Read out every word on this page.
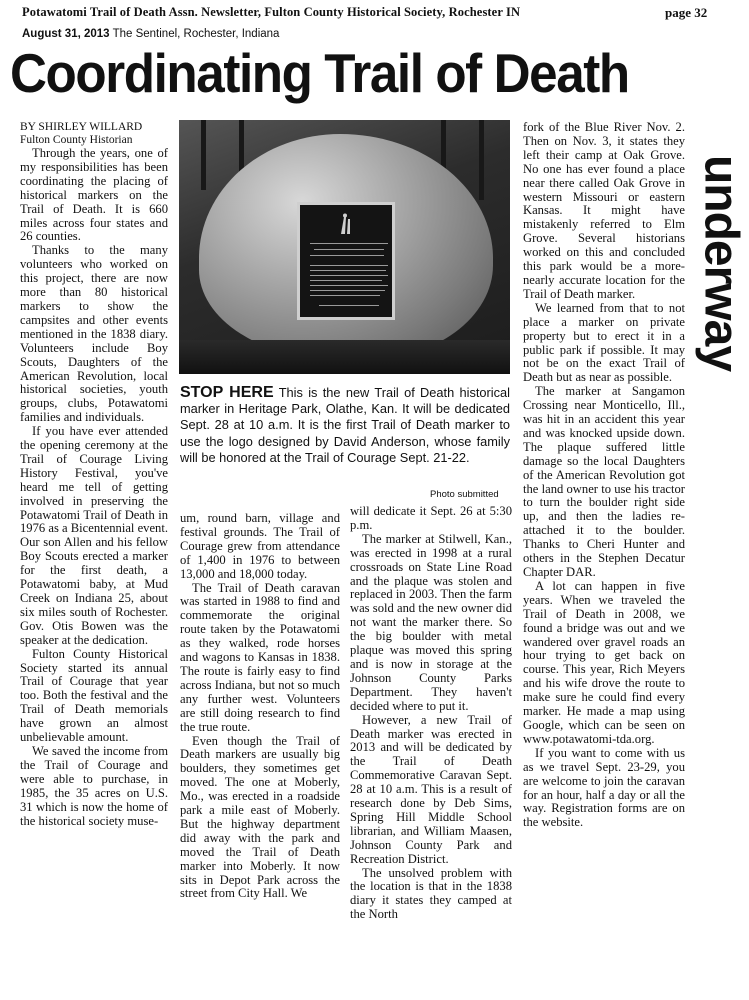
Potawatomi Trail of Death Assn. Newsletter, Fulton County Historical Society, Rochester IN	page 32
August 31, 2013 The Sentinel, Rochester, Indiana
Coordinating Trail of Death
underway

BY SHIRLEY WILLARD

Fulton County Historian

Through the years, one of my responsibilities has been coordinating the placing of historical markers on the Trail of Death. It is 660 miles across four states and 26 counties.

Thanks to the many volunteers who worked on this project, there are now more than 80 historical markers to show the campsites and other events mentioned in the 1838 diary. Volunteers include Boy Scouts, Daughters of the American Revolution, local historical societies, youth groups, clubs, Potawatomi families and individuals.

If you have ever attended the opening ceremony at the Trail of Courage Living History Festival, you've heard me tell of getting involved in preserving the Potawatomi Trail of Death in 1976 as a Bicentennial event. Our son Allen and his fellow Boy Scouts erected a marker for the first death, a Potawatomi baby, at Mud Creek on Indiana 25, about six miles south of Rochester. Gov. Otis Bowen was the speaker at the dedication.

Fulton County Historical Society started its annual Trail of Courage that year too. Both the festival and the Trail of Death memorials have grown an almost unbelievable amount.

We saved the income from the Trail of Courage and were able to purchase, in 1985, the 35 acres on U.S. 31 which is now the home of the historical society muse-

STOP HERE This is the new Trail of Death historical marker in Heritage Park, Olathe, Kan. It will be dedicated Sept. 28 at 10 a.m. It is the first Trail of Death marker to use the logo designed by David Anderson, whose family will be honored at the Trail of Courage Sept. 21-22.
Photo submitted

um, round barn, village and festival grounds. The Trail of Courage grew from attendance of 1,400 in 1976 to between 13,000 and 18,000 today.

The Trail of Death caravan was started in 1988 to find and commemorate the original route taken by the Potawatomi as they walked, rode horses and wagons to Kansas in 1838. The route is fairly easy to find across Indiana, but not so much any further west. Volunteers are still doing research to find the true route.

Even though the Trail of Death markers are usually big boulders, they sometimes get moved. The one at Moberly, Mo., was erected in a roadside park a mile east of Moberly. But the highway department did away with the park and moved the Trail of Death marker into Moberly. It now sits in Depot Park across the street from City Hall. We

will dedicate it Sept. 26 at 5:30 p.m.

The marker at Stilwell, Kan., was erected in 1998 at a rural crossroads on State Line Road and the plaque was stolen and replaced in 2003. Then the farm was sold and the new owner did not want the marker there. So the big boulder with metal plaque was moved this spring and is now in storage at the Johnson County Parks Department. They haven't decided where to put it.

However, a new Trail of Death marker was erected in 2013 and will be dedicated by the Trail of Death Commemorative Caravan Sept. 28 at 10 a.m. This is a result of research done by Deb Sims, Spring Hill Middle School librarian, and William Maasen, Johnson County Park and Recreation District.

The unsolved problem with the location is that in the 1838 diary it states they camped at the North

fork of the Blue River Nov. 2. Then on Nov. 3, it states they left their camp at Oak Grove. No one has ever found a place near there called Oak Grove in western Missouri or eastern Kansas. It might have mistakenly referred to Elm Grove. Several historians worked on this and concluded this park would be a more-nearly accurate location for the Trail of Death marker.

We learned from that to not place a marker on private property but to erect it in a public park if possible. It may not be on the exact Trail of Death but as near as possible.

The marker at Sangamon Crossing near Monticello, Ill., was hit in an accident this year and was knocked upside down. The plaque suffered little damage so the local Daughters of the American Revolution got the land owner to use his tractor to turn the boulder right side up, and then the ladies re-attached it to the boulder. Thanks to Cheri Hunter and others in the Stephen Decatur Chapter DAR.

A lot can happen in five years. When we traveled the Trail of Death in 2008, we found a bridge was out and we wandered over gravel roads an hour trying to get back on course. This year, Rich Meyers and his wife drove the route to make sure he could find every marker. He made a map using Google, which can be seen on www.potawatomi-tda.org.

If you want to come with us as we travel Sept. 23-29, you are welcome to join the caravan for an hour, half a day or all the way. Registration forms are on the website.
